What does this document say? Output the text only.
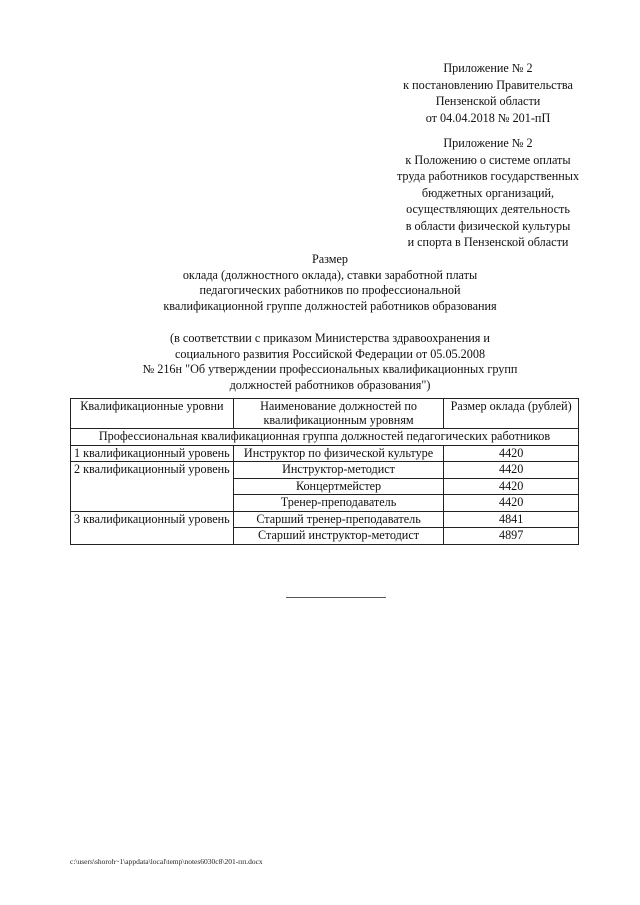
Приложение № 2
к постановлению Правительства
Пензенской области
от 04.04.2018 № 201-пП
Приложение № 2
к Положению о системе оплаты
труда работников государственных
бюджетных организаций,
осуществляющих деятельность
в области физической культуры
и спорта в Пензенской области
Размер
оклада (должностного оклада), ставки заработной платы
педагогических работников по профессиональной
квалификационной группе должностей работников образования
(в соответствии с приказом Министерства здравоохранения и
социального развития Российской Федерации от 05.05.2008
№ 216н "Об утверждении профессиональных квалификационных групп
должностей работников образования")
Квалификационные уровни	Наименование должностей по квалификационным уровням	Размер оклада (рублей)
Профессиональная квалификационная группа должностей педагогических работников		
1 квалификационный уровень	Инструктор по физической культуре	4420
2 квалификационный уровень	Инструктор-методист	4420
	Концертмейстер	4420
	Тренер-преподаватель	4420
3 квалификационный уровень	Старший тренер-преподаватель	4841
	Старший инструктор-методист	4897
c:\users\shoroh~1\appdata\local\temp\notes6030c8\201-пп.docx
